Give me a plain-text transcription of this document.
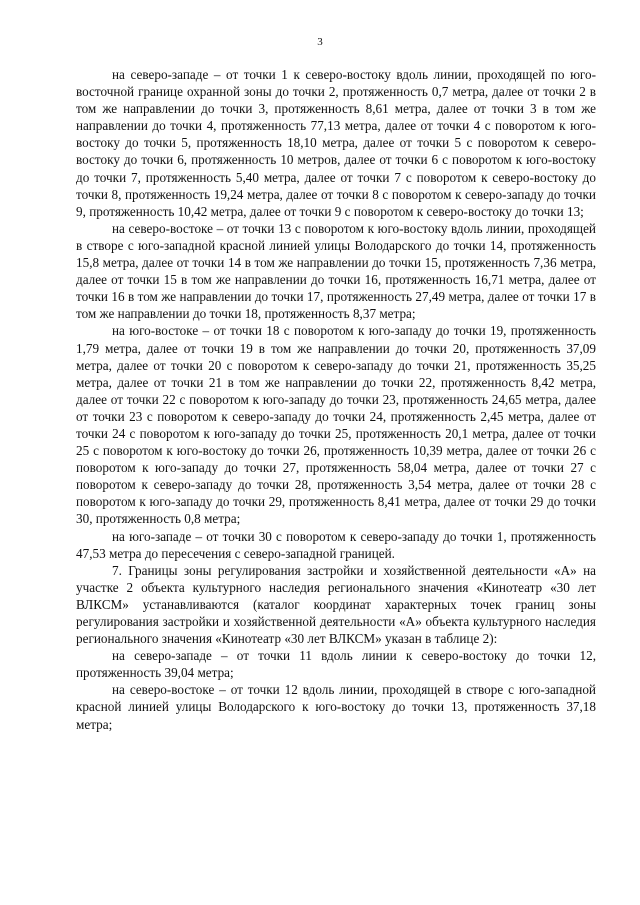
3

на северо-западе – от точки 1 к северо-востоку вдоль линии, проходящей по юго-восточной границе охранной зоны до точки 2, протяженность 0,7 метра, далее от точки 2 в том же направлении до точки 3, протяженность 8,61 метра, далее от точки 3 в том же направлении до точки 4, протяженность 77,13 метра, далее от точки 4 с поворотом к юго-востоку до точки 5, протяженность 18,10 метра, далее от точки 5 с поворотом к северо-востоку до точки 6, протяженность 10 метров, далее от точки 6 с поворотом к юго-востоку до точки 7, протяженность 5,40 метра, далее от точки 7 с поворотом к северо-востоку до точки 8, протяженность 19,24 метра, далее от точки 8 с поворотом к северо-западу до точки 9, протяженность 10,42 метра, далее от точки 9 с поворотом к северо-востоку до точки 13;

на северо-востоке – от точки 13 с поворотом к юго-востоку вдоль линии, проходящей в створе с юго-западной красной линией улицы Володарского до точки 14, протяженность 15,8 метра, далее от точки 14 в том же направлении до точки 15, протяженность 7,36 метра, далее от точки 15 в том же направлении до точки 16, протяженность 16,71 метра, далее от точки 16 в том же направлении до точки 17, протяженность 27,49 метра, далее от точки 17 в том же направлении до точки 18, протяженность 8,37 метра;

на юго-востоке – от точки 18 с поворотом к юго-западу до точки 19, протяженность 1,79 метра, далее от точки 19 в том же направлении до точки 20, протяженность 37,09 метра, далее от точки 20 с поворотом к северо-западу до точки 21, протяженность 35,25 метра, далее от точки 21 в том же направлении до точки 22, протяженность 8,42 метра, далее от точки 22 с поворотом к юго-западу до точки 23, протяженность 24,65 метра, далее от точки 23 с поворотом к северо-западу до точки 24, протяженность 2,45 метра, далее от точки 24 с поворотом к юго-западу до точки 25, протяженность 20,1 метра, далее от точки 25 с поворотом к юго-востоку до точки 26, протяженность 10,39 метра, далее от точки 26 с поворотом к юго-западу до точки 27, протяженность 58,04 метра, далее от точки 27 с поворотом к северо-западу до точки 28, протяженность 3,54 метра, далее от точки 28 с поворотом к юго-западу до точки 29, протяженность 8,41 метра, далее от точки 29 до точки 30, протяженность 0,8 метра;

на юго-западе – от точки 30 с поворотом к северо-западу до точки 1, протяженность 47,53 метра до пересечения с северо-западной границей.

7. Границы зоны регулирования застройки и хозяйственной деятельности «А» на участке 2 объекта культурного наследия регионального значения «Кинотеатр «30 лет ВЛКСМ» устанавливаются (каталог координат характерных точек границ зоны регулирования застройки и хозяйственной деятельности «А» объекта культурного наследия регионального значения «Кинотеатр «30 лет ВЛКСМ» указан в таблице 2):

на северо-западе – от точки 11 вдоль линии к северо-востоку до точки 12, протяженность 39,04 метра;

на северо-востоке – от точки 12 вдоль линии, проходящей в створе с юго-западной красной линией улицы Володарского к юго-востоку до точки 13, протяженность 37,18 метра;
